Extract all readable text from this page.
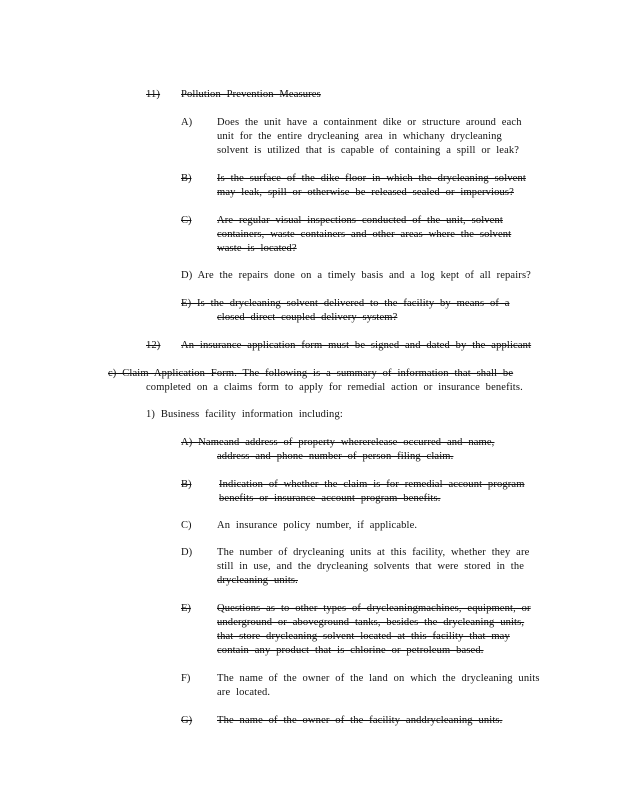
11) Pollution Prevention Measures
A) Does the unit have a containment dike or structure around each
unit for the entire drycleaning area in whichany drycleaning
solvent is utilized that is capable of containing a spill or leak?
B) Is the surface of the dike floor in which the drycleaning solvent
may leak, spill or otherwise be released sealed or impervious?
C) Are regular visual inspections conducted of the unit, solvent
containers, waste containers and other areas where the solvent
waste is located?
D) Are the repairs done on a timely basis and a log kept of all repairs?
E) Is the drycleaning solvent delivered to the facility by means of a
closed direct coupled delivery system?
12) An insurance application form must be signed and dated by the applicant
c) Claim Application Form. The following is a summary of information that shall be
completed on a claims form to apply for remedial action or insurance benefits.
1) Business facility information including:
A) Nameand address of property whererelease occurred and name,
address and phone number of person filing claim.
B)	Indication of whether the claim is for remedial account program
benefits or insurance account program benefits.
C) An insurance policy number, if applicable.
D) The number of drycleaning units at this facility, whether they are
still in use, and the drycleaning solvents that were stored in the
drycleaning units.
E) Questions as to other types of drycleaningmachines, equipment, or
underground or aboveground tanks, besides the drycleaning units,
that store drycleaning solvent located at this facility that may
contain any product that is chlorine or petroleum based.
F)	The name of the owner of the land on which the drycleaning units
are located.
G) The name of the owner of the facility anddrycleaning units.
